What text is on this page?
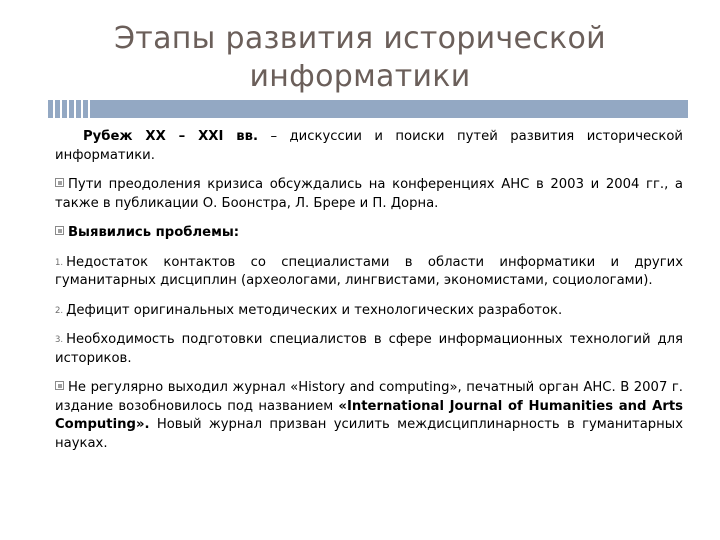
Этапы развития исторической
информатики

Рубеж XX – XXI вв. – дискуссии и поиски путей развития исторической информатики.

Пути преодоления кризиса обсуждались на конференциях АНС в 2003 и 2004 гг., а также в публикации О. Боонстра, Л. Брере и П. Дорна.

Выявились проблемы:

1. Недостаток контактов со специалистами в области информатики и других гуманитарных дисциплин (археологами, лингвистами, экономистами, социологами).

2. Дефицит оригинальных методических и технологических разработок.

3. Необходимость подготовки специалистов в сфере информационных технологий для историков.

Не регулярно выходил журнал «History and computing», печатный орган АНС. В 2007 г. издание возобновилось под названием «International Journal of Humanities and Arts Computing». Новый журнал призван усилить междисциплинарность в гуманитарных науках.
